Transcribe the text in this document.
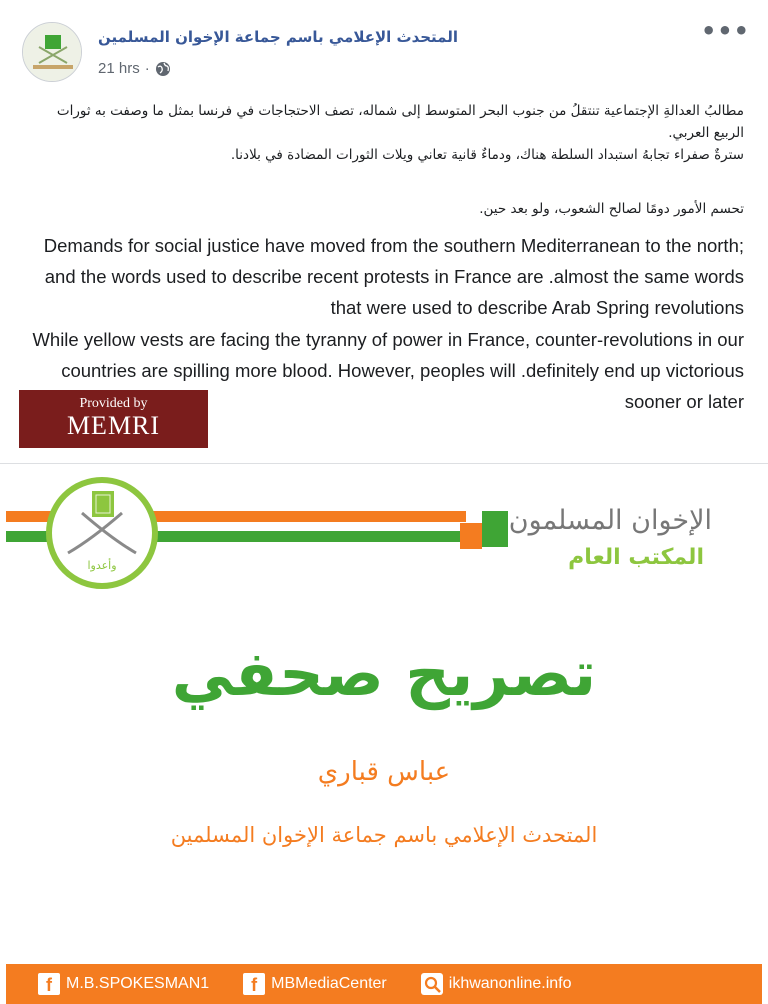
المتحدث الإعلامي باسم جماعة الإخوان المسلمين
21 hrs ·
•••
مطالبُ العدالةِ الإجتماعية تنتقلُ من جنوب البحر المتوسط إلى شماله، تصف الاحتجاجات في فرنسا بمثل ما وصفت به ثورات الربيع العربي.
سترةٌ صفراء تجابهُ استبداد السلطة هناك، ودماءٌ قانية تعاني ويلات الثورات المضادة في بلادنا.
تحسم الأمور دومًا لصالح الشعوب، ولو بعد حين.
Demands for social justice have moved from the southern Mediterranean to the north; and the words used to describe recent protests in France are .almost the same words that were used to describe Arab Spring revolutions
While yellow vests are facing the tyranny of power in France, counter-revolutions in our countries are spilling more blood. However, peoples will .definitely end up victorious sooner or later
Provided by
MEMRI
وأعدوا
الإخوان المسلمون
المكتب العام
تصريح صحفي
عباس قباري
المتحدث الإعلامي باسم جماعة الإخوان المسلمين
f M.B.SPOKESMAN1	f MBMediaCenter	ikhwanonline.info
